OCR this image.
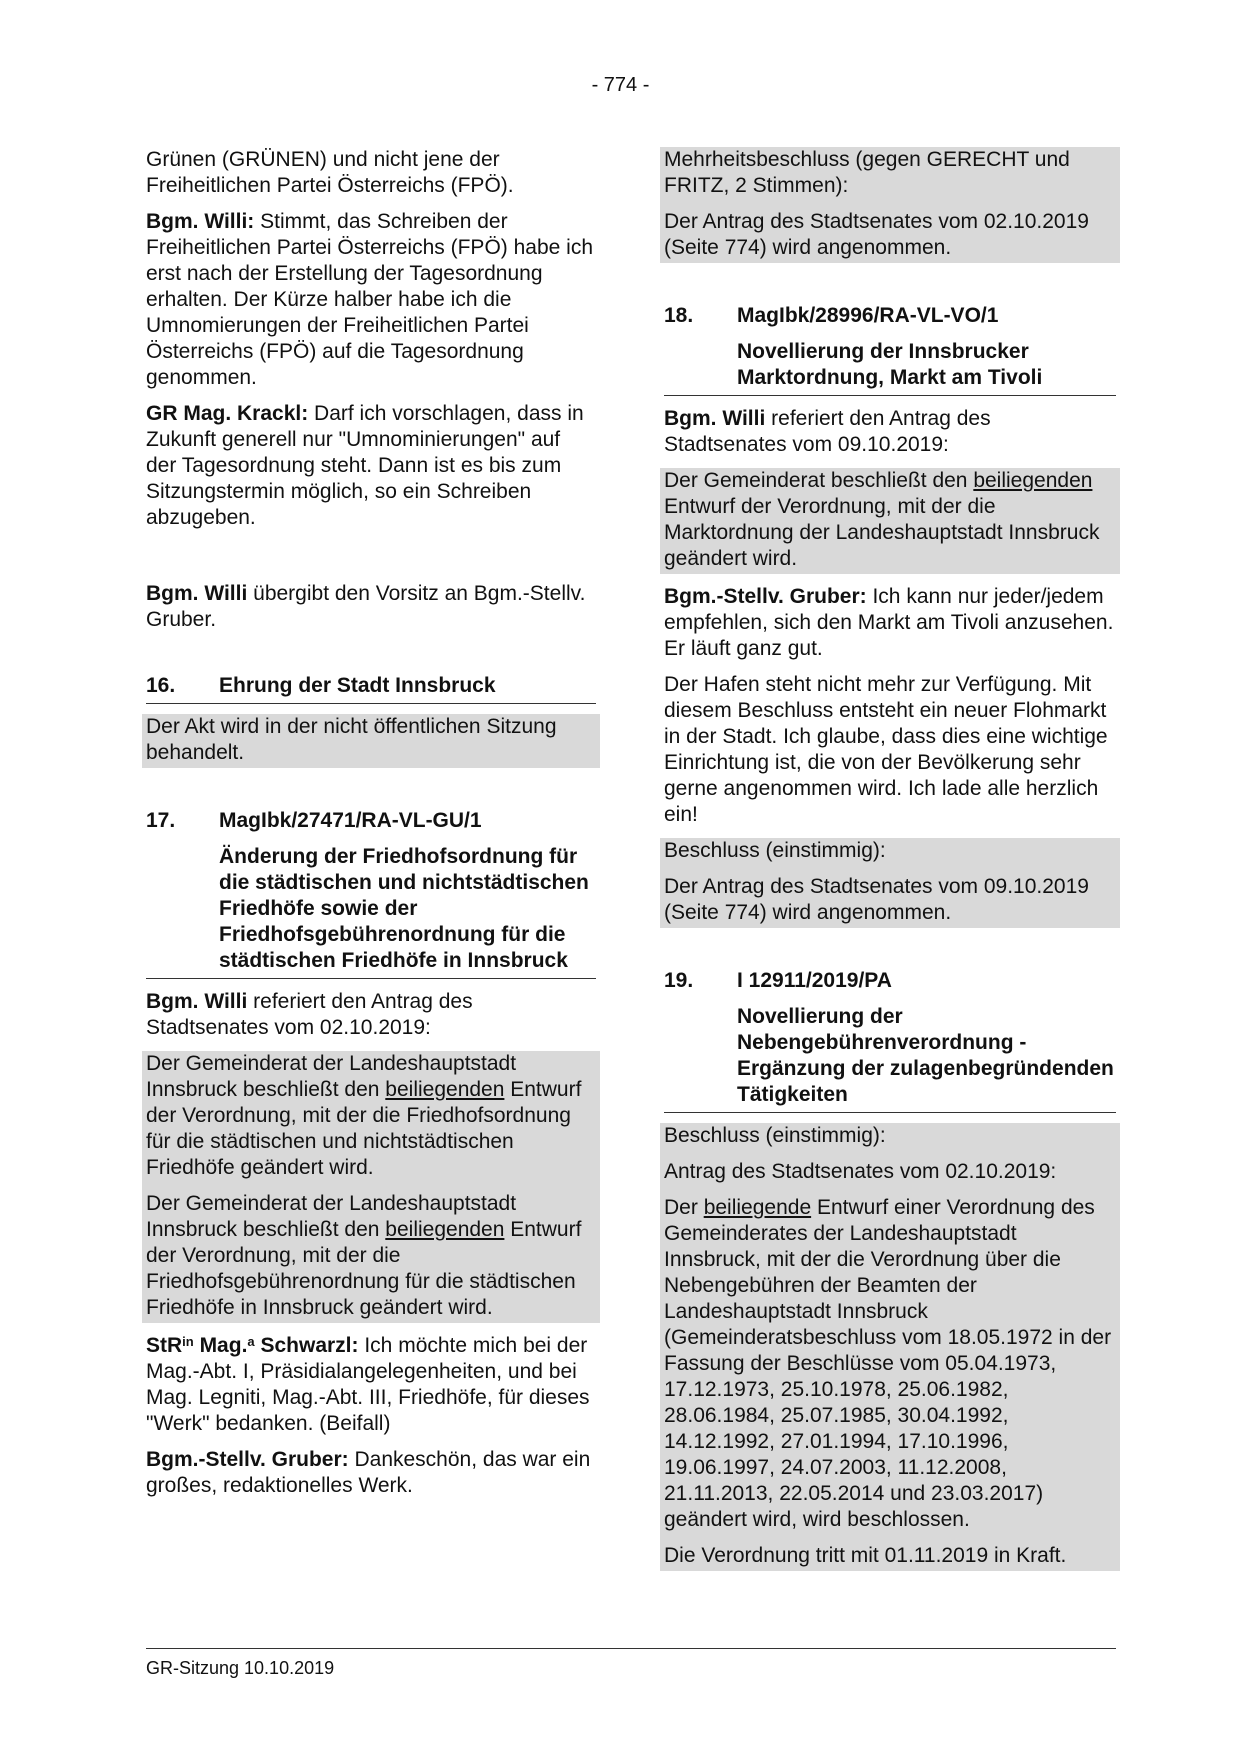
- 774 -

Grünen (GRÜNEN) und nicht jene der Freiheitlichen Partei Österreichs (FPÖ).

Bgm. Willi: Stimmt, das Schreiben der Freiheitlichen Partei Österreichs (FPÖ) habe ich erst nach der Erstellung der Tagesordnung erhalten. Der Kürze halber habe ich die Umnomierungen der Freiheitlichen Partei Österreichs (FPÖ) auf die Tagesordnung genommen.

GR Mag. Krackl: Darf ich vorschlagen, dass in Zukunft generell nur "Umnominierungen" auf der Tagesordnung steht. Dann ist es bis zum Sitzungstermin möglich, so ein Schreiben abzugeben.

Bgm. Willi übergibt den Vorsitz an Bgm.-Stellv. Gruber.

16.	Ehrung der Stadt Innsbruck

Der Akt wird in der nicht öffentlichen Sitzung behandelt.

17.	MagIbk/27471/RA-VL-GU/1
Änderung der Friedhofsordnung für die städtischen und nichtstädtischen Friedhöfe sowie der Friedhofsgebührenordnung für die städtischen Friedhöfe in Innsbruck

Bgm. Willi referiert den Antrag des Stadtsenates vom 02.10.2019:

Der Gemeinderat der Landeshauptstadt Innsbruck beschließt den beiliegenden Entwurf der Verordnung, mit der die Friedhofsordnung für die städtischen und nichtstädtischen Friedhöfe geändert wird.

Der Gemeinderat der Landeshauptstadt Innsbruck beschließt den beiliegenden Entwurf der Verordnung, mit der die Friedhofsgebührenordnung für die städtischen Friedhöfe in Innsbruck geändert wird.

StR$^{in}$ Mag.$^a$ Schwarzl: Ich möchte mich bei der Mag.-Abt. I, Präsidialangelegenheiten, und bei Mag. Legniti, Mag.-Abt. III, Friedhöfe, für dieses "Werk" bedanken. (Beifall)

Bgm.-Stellv. Gruber: Dankeschön, das war ein großes, redaktionelles Werk.

Mehrheitsbeschluss (gegen GERECHT und FRITZ, 2 Stimmen):

Der Antrag des Stadtsenates vom 02.10.2019 (Seite 774) wird angenommen.

18.	MagIbk/28996/RA-VL-VO/1
Novellierung der Innsbrucker Marktordnung, Markt am Tivoli

Bgm. Willi referiert den Antrag des Stadtsenates vom 09.10.2019:

Der Gemeinderat beschließt den beiliegenden Entwurf der Verordnung, mit der die Marktordnung der Landeshauptstadt Innsbruck geändert wird.

Bgm.-Stellv. Gruber: Ich kann nur jeder/jedem empfehlen, sich den Markt am Tivoli anzusehen. Er läuft ganz gut.

Der Hafen steht nicht mehr zur Verfügung. Mit diesem Beschluss entsteht ein neuer Flohmarkt in der Stadt. Ich glaube, dass dies eine wichtige Einrichtung ist, die von der Bevölkerung sehr gerne angenommen wird. Ich lade alle herzlich ein!

Beschluss (einstimmig):

Der Antrag des Stadtsenates vom 09.10.2019 (Seite 774) wird angenommen.

19.	I 12911/2019/PA
Novellierung der Nebengebührenverordnung - Ergänzung der zulagenbegründenden Tätigkeiten

Beschluss (einstimmig):

Antrag des Stadtsenates vom 02.10.2019:

Der beiliegende Entwurf einer Verordnung des Gemeinderates der Landeshauptstadt Innsbruck, mit der die Verordnung über die Nebengebühren der Beamten der Landeshauptstadt Innsbruck (Gemeinderatsbeschluss vom 18.05.1972 in der Fassung der Beschlüsse vom 05.04.1973, 17.12.1973, 25.10.1978, 25.06.1982, 28.06.1984, 25.07.1985, 30.04.1992, 14.12.1992, 27.01.1994, 17.10.1996, 19.06.1997, 24.07.2003, 11.12.2008, 21.11.2013, 22.05.2014 und 23.03.2017) geändert wird, wird beschlossen.

Die Verordnung tritt mit 01.11.2019 in Kraft.

GR-Sitzung 10.10.2019
